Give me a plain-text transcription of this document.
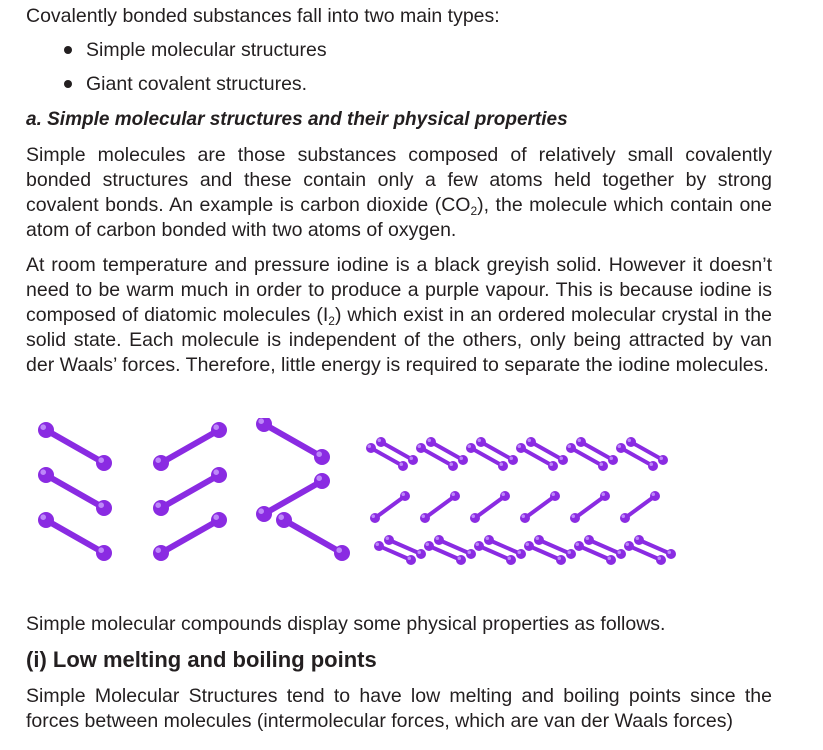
Covalently bonded substances fall into two main types:

Simple molecular structures
Giant covalent structures.
a. Simple molecular structures and their physical properties

Simple molecules are those substances composed of relatively small covalently bonded structures and these contain only a few atoms held together by strong covalent bonds. An example is carbon dioxide $(CO_2)$, the molecule which contain one atom of carbon bonded with two atoms of oxygen.

At room temperature and pressure iodine is a black greyish solid. However it doesn’t need to be warm much in order to produce a purple vapour. This is because iodine is composed of diatomic molecules $(I_2)$ which exist in an ordered molecular crystal in the solid state. Each molecule is independent of the others, only being attracted by van der Waals’ forces. Therefore, little energy is required to separate the iodine molecules.

Simple molecular compounds display some physical properties as follows.
(i) Low melting and boiling points
Simple Molecular Structures tend to have low melting and boiling points since the forces between molecules (intermolecular forces, which are van der Waals forces)
